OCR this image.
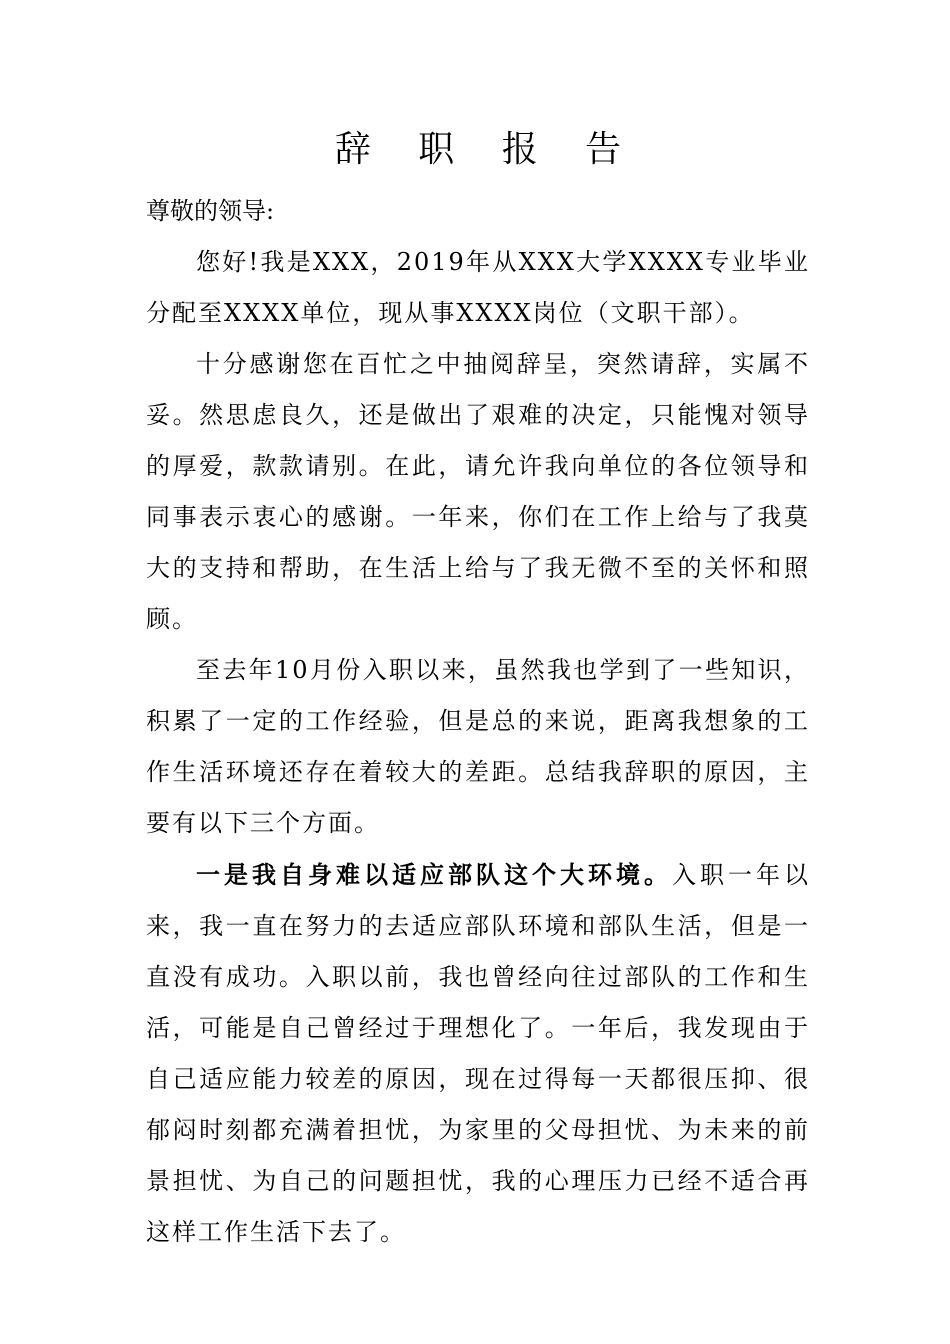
辞 职 报 告

尊敬的领导:

您好!我是XXX，2019年从XXX大学XXXX专业毕业分配至XXXX单位，现从事XXXX岗位（文职干部）。

十分感谢您在百忙之中抽阅辞呈，突然请辞，实属不妥。然思虑良久，还是做出了艰难的决定，只能愧对领导的厚爱，款款请别。在此，请允许我向单位的各位领导和同事表示衷心的感谢。一年来，你们在工作上给与了我莫大的支持和帮助，在生活上给与了我无微不至的关怀和照顾。

至去年10月份入职以来，虽然我也学到了一些知识，积累了一定的工作经验，但是总的来说，距离我想象的工作生活环境还存在着较大的差距。总结我辞职的原因，主要有以下三个方面。

一是我自身难以适应部队这个大环境。入职一年以来，我一直在努力的去适应部队环境和部队生活，但是一直没有成功。入职以前，我也曾经向往过部队的工作和生活，可能是自己曾经过于理想化了。一年后，我发现由于自己适应能力较差的原因，现在过得每一天都很压抑、很郁闷时刻都充满着担忧，为家里的父母担忧、为未来的前景担忧、为自己的问题担忧，我的心理压力已经不适合再这样工作生活下去了。
